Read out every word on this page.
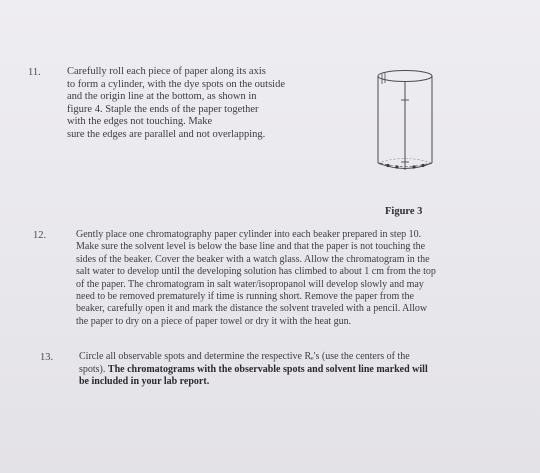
11.	Carefully roll each piece of paper along its axis
to form a cylinder, with the dye spots on the outside
and the origin line at the bottom, as shown in
figure 4. Staple the ends of the paper together
with the edges not touching. Make
sure the edges are parallel and not overlapping.
Figure 3
12.	Gently place one chromatography paper cylinder into each beaker prepared in step 10.
Make sure the solvent level is below the base line and that the paper is not touching the
sides of the beaker. Cover the beaker with a watch glass. Allow the chromatogram in the
salt water to develop until the developing solution has climbed to about 1 cm from the top
of the paper. The chromatogram in salt water/isopropanol will develop slowly and may
need to be removed prematurely if time is running short. Remove the paper from the
beaker, carefully open it and mark the distance the solvent traveled with a pencil. Allow
the paper to dry on a piece of paper towel or dry it with the heat gun.
13.	Circle all observable spots and determine the respective Rₑ's (use the centers of the
spots). The chromatograms with the observable spots and solvent line marked will
be included in your lab report.
